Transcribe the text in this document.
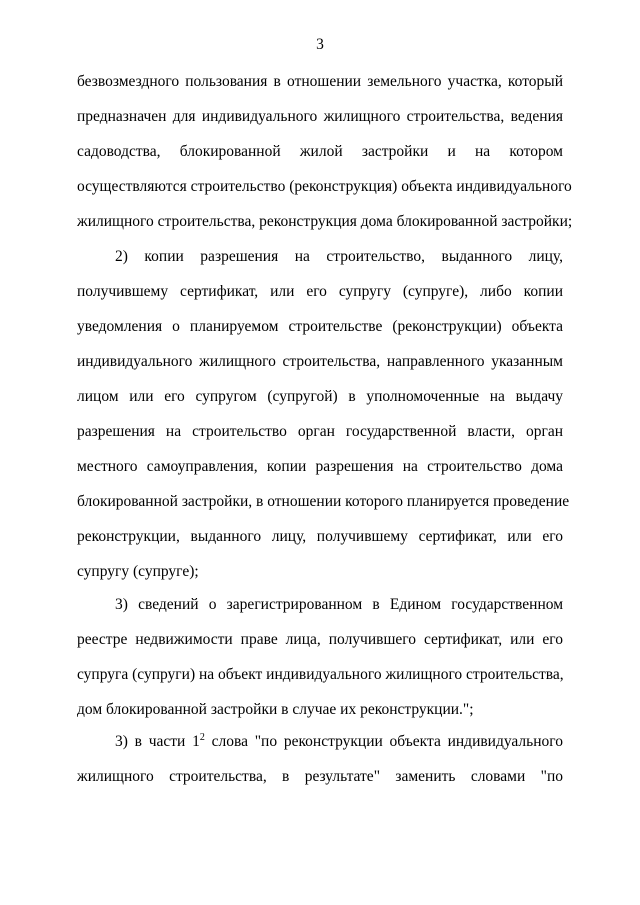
3
безвозмездного пользования в отношении земельного участка, который
предназначен для индивидуального жилищного строительства, ведения
садоводства, блокированной жилой застройки и на котором
осуществляются строительство (реконструкция) объекта индивидуального
жилищного строительства, реконструкция дома блокированной застройки;
2) копии разрешения на строительство, выданного лицу,
получившему сертификат, или его супругу (супруге), либо копии
уведомления о планируемом строительстве (реконструкции) объекта
индивидуального жилищного строительства, направленного указанным
лицом или его супругом (супругой) в уполномоченные на выдачу
разрешения на строительство орган государственной власти, орган
местного самоуправления, копии разрешения на строительство дома
блокированной застройки, в отношении которого планируется проведение
реконструкции, выданного лицу, получившему сертификат, или его
супругу (супруге);
3) сведений о зарегистрированном в Едином государственном
реестре недвижимости праве лица, получившего сертификат, или его
супруга (супруги) на объект индивидуального жилищного строительства,
дом блокированной застройки в случае их реконструкции.";
3) в части $1^2$ слова "по реконструкции объекта индивидуального
жилищного строительства, в результате" заменить словами "по
